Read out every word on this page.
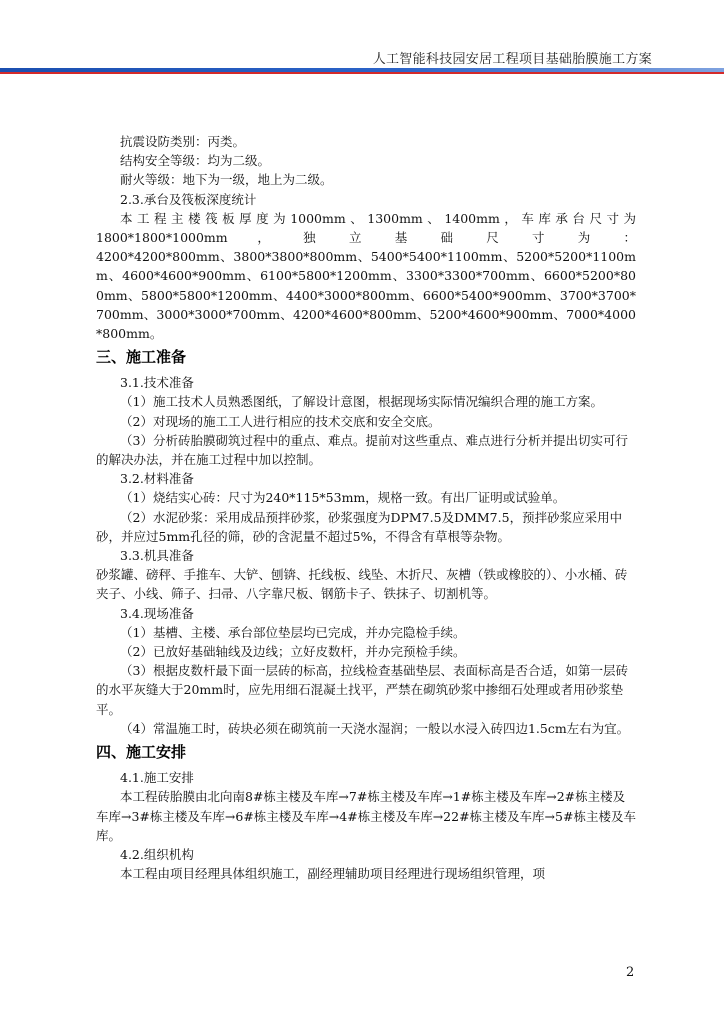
人工智能科技园安居工程项目基础胎膜施工方案

抗震设防类别：丙类。

结构安全等级：均为二级。

耐火等级：地下为一级，地上为二级。

2.3.承台及筏板深度统计

本工程主楼筏板厚度为1000mm、1300mm、1400mm，车库承台尺寸为

1800*1800*1000mm    ，    独    立    基    础    尺    寸    为    ：

4200*4200*800mm、3800*3800*800mm、5400*5400*1100mm、5200*5200*1100mm、4600*4600*900mm、6100*5800*1200mm、3300*3300*700mm、6600*5200*800mm、5800*5800*1200mm、4400*3000*800mm、6600*5400*900mm、3700*3700*700mm、3000*3000*700mm、4200*4600*800mm、5200*4600*900mm、7000*4000*800mm。

三、施工准备

3.1.技术准备

（1）施工技术人员熟悉图纸，了解设计意图，根据现场实际情况编织合理的施工方案。

（2）对现场的施工工人进行相应的技术交底和安全交底。

（3）分析砖胎膜砌筑过程中的重点、难点。提前对这些重点、难点进行分析并提出切实可行的解决办法，并在施工过程中加以控制。

3.2.材料准备

（1）烧结实心砖：尺寸为240*115*53mm，规格一致。有出厂证明或试验单。

（2）水泥砂浆：采用成品预拌砂浆，砂浆强度为DPM7.5及DMM7.5，预拌砂浆应采用中砂，并应过5mm孔径的筛，砂的含泥量不超过5%，不得含有草根等杂物。

3.3.机具准备

砂浆罐、磅秤、手推车、大铲、刨锛、托线板、线坠、木折尺、灰槽（铁或橡胶的）、小水桶、砖夹子、小线、筛子、扫帚、八字靠尺板、钢筋卡子、铁抹子、切割机等。

3.4.现场准备

（1）基槽、主楼、承台部位垫层均已完成，并办完隐检手续。

（2）已放好基础轴线及边线；立好皮数杆，并办完预检手续。

（3）根据皮数杆最下面一层砖的标高，拉线检查基础垫层、表面标高是否合适，如第一层砖的水平灰缝大于20mm时，应先用细石混凝土找平，严禁在砌筑砂浆中掺细石处理或者用砂浆垫平。

（4）常温施工时，砖块必须在砌筑前一天浇水湿润；一般以水浸入砖四边1.5cm左右为宜。

四、施工安排

4.1.施工安排

本工程砖胎膜由北向南8#栋主楼及车库→7#栋主楼及车库→1#栋主楼及车库→2#栋主楼及车库→3#栋主楼及车库→6#栋主楼及车库→4#栋主楼及车库→22#栋主楼及车库→5#栋主楼及车库。

4.2.组织机构

本工程由项目经理具体组织施工，副经理辅助项目经理进行现场组织管理，项

2
